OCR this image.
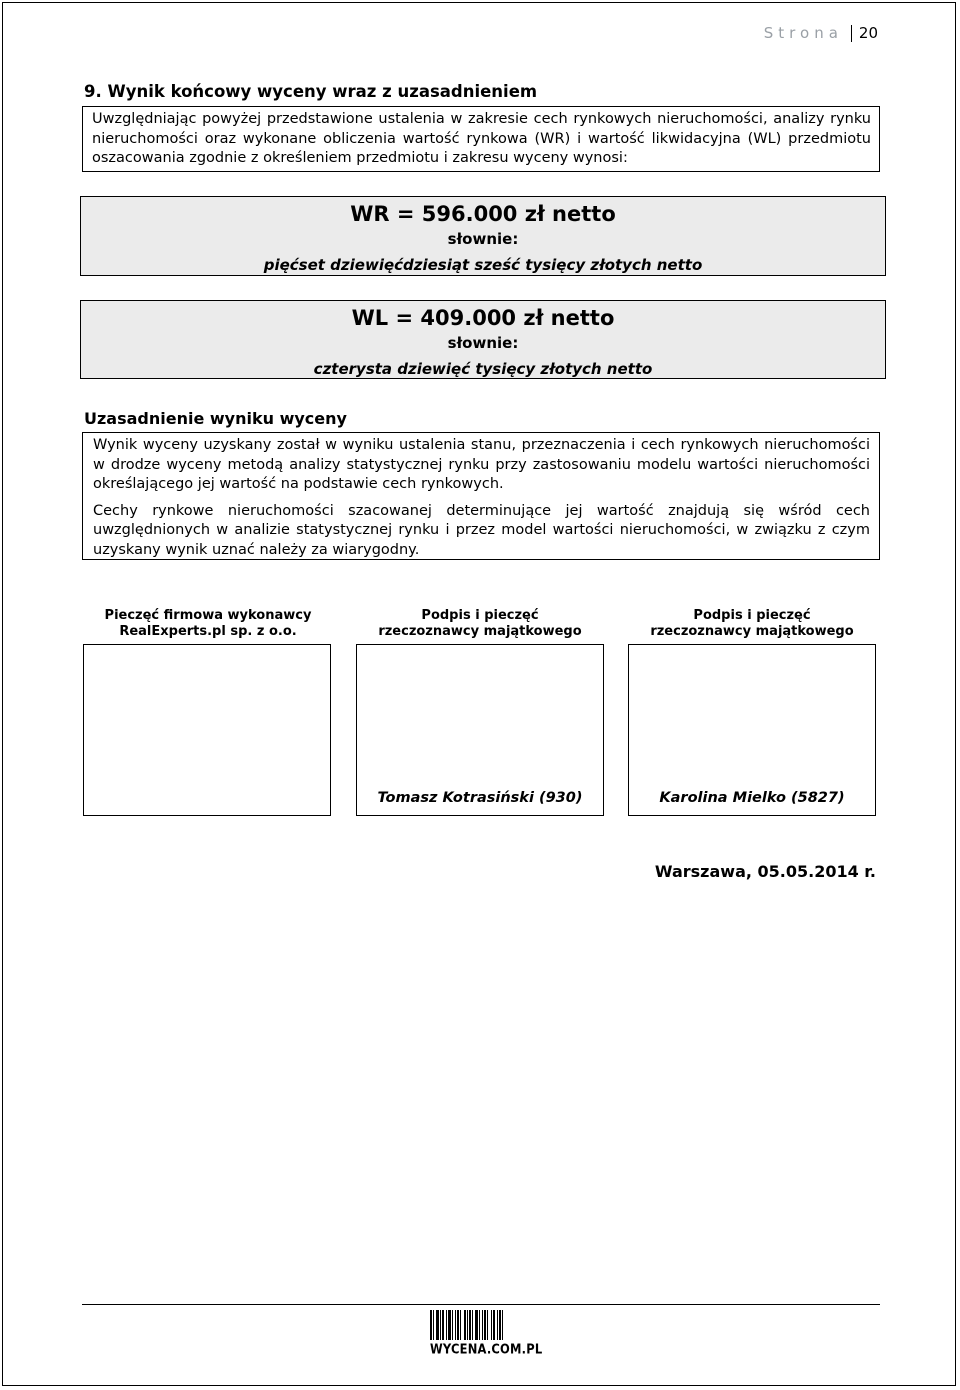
Strona 20
9. Wynik końcowy wyceny wraz z uzasadnieniem

Uwzględniając powyżej przedstawione ustalenia w zakresie cech rynkowych nieruchomości, analizy rynku nieruchomości oraz wykonane obliczenia wartość rynkowa (WR) i wartość likwidacyjna (WL) przedmiotu oszacowania zgodnie z określeniem przedmiotu i zakresu wyceny wynosi:

WR = 596.000 zł netto
słownie:
pięćset dziewięćdziesiąt sześć tysięcy złotych netto
WL = 409.000 zł netto
słownie:
czterysta dziewięć tysięcy złotych netto
Uzasadnienie wyniku wyceny

Wynik wyceny uzyskany został w wyniku ustalenia stanu, przeznaczenia i cech rynkowych nieruchomości w drodze wyceny metodą analizy statystycznej rynku przy zastosowaniu modelu wartości nieruchomości określającego jej wartość na podstawie cech rynkowych.

Cechy rynkowe nieruchomości szacowanej determinujące jej wartość znajdują się wśród cech uwzględnionych w analizie statystycznej rynku i przez model wartości nieruchomości, w związku z czym uzyskany wynik uznać należy za wiarygodny.

Pieczęć firmowa wykonawcy
RealExperts.pl sp. z o.o.
Podpis i pieczęć
rzeczoznawcy majątkowego
Podpis i pieczęć
rzeczoznawcy majątkowego
Tomasz Kotrasiński (930)	Karolina Mielko (5827)
Warszawa, 05.05.2014 r.
WYCENA.COM.PL
